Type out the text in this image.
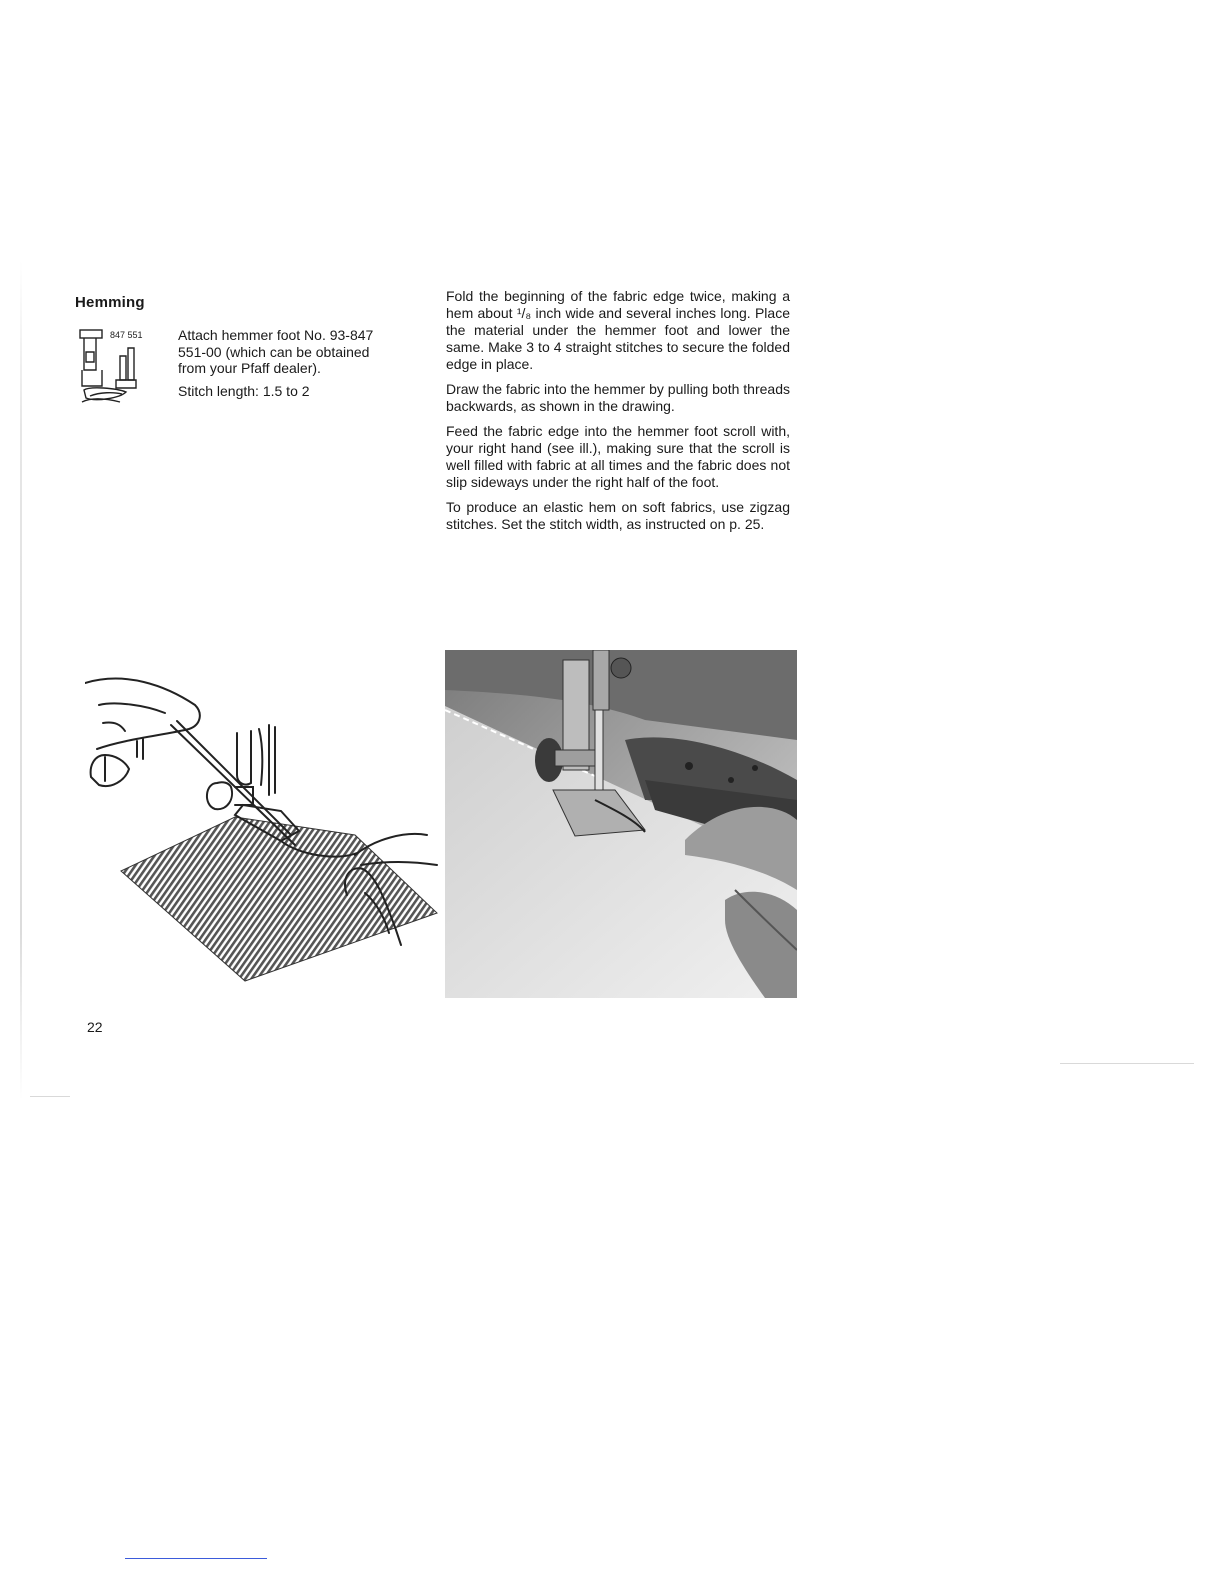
Hemming
847 551	Attach hemmer foot No. 93-847 551-00 (which can be obtained from your Pfaff dealer).

Stitch length: 1.5 to 2

Fold the beginning of the fabric edge twice, making a hem about ¹/₈ inch wide and several inches long. Place the material under the hemmer foot and lower the same. Make 3 to 4 straight stitches to secure the folded edge in place.

Draw the fabric into the hemmer by pulling both threads backwards, as shown in the drawing.

Feed the fabric edge into the hemmer foot scroll with, your right hand (see ill.), making sure that the scroll is well filled with fabric at all times and the fabric does not slip sideways under the right half of the foot.

To produce an elastic hem on soft fabrics, use zigzag stitches. Set the stitch width, as instructed on p. 25.

22
